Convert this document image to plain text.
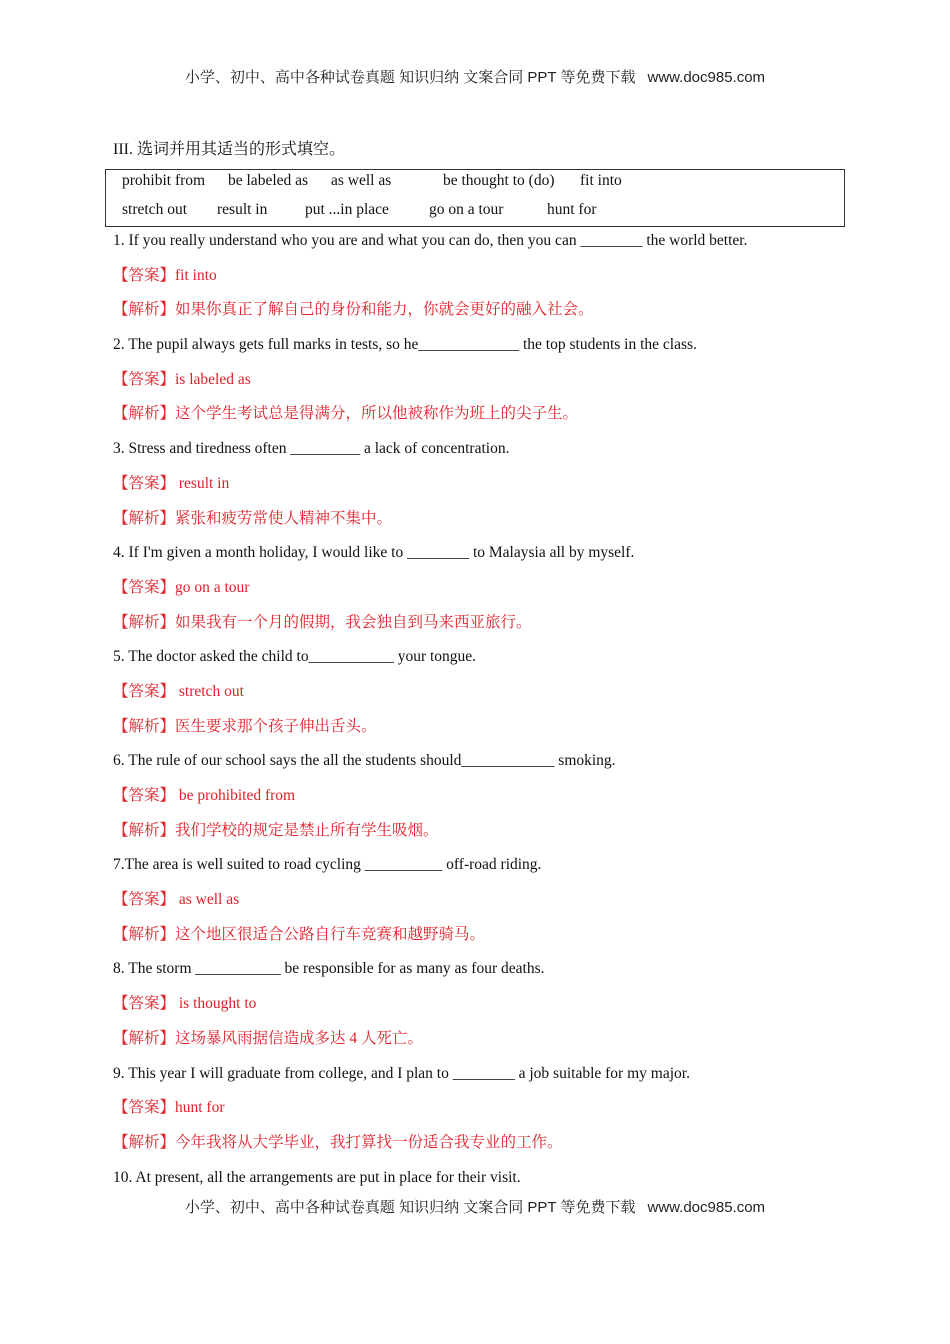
小学、初中、高中各种试卷真题 知识归纳 文案合同 PPT 等免费下载 www.doc985.com
III. 选词并用其适当的形式填空。
prohibit from be labeled as as well as	be thought to (do) fit into
stretch out result in put ...in place	go on a tour	hunt for
1. If you really understand who you are and what you can do, then you can ________ the world better.
【答案】fit into
【解析】如果你真正了解自己的身份和能力，你就会更好的融入社会。
2. The pupil always gets full marks in tests, so he_____________ the top students in the class.
【答案】is labeled as
【解析】这个学生考试总是得满分，所以他被称作为班上的尖子生。
3. Stress and tiredness often _________ a lack of concentration.
【答案】 result in
【解析】紧张和疲劳常使人精神不集中。
4. If I'm given a month holiday, I would like to ________ to Malaysia all by myself.
【答案】go on a tour
【解析】如果我有一个月的假期，我会独自到马来西亚旅行。
5. The doctor asked the child to___________ your tongue.
【答案】 stretch out
【解析】医生要求那个孩子伸出舌头。
6. The rule of our school says the all the students should____________ smoking.
【答案】 be prohibited from
【解析】我们学校的规定是禁止所有学生吸烟。
7.The area is well suited to road cycling __________ off-road riding.
【答案】 as well as
【解析】这个地区很适合公路自行车竞赛和越野骑马。
8. The storm ___________ be responsible for as many as four deaths.
【答案】 is thought to
【解析】这场暴风雨据信造成多达 4 人死亡。
9. This year I will graduate from college, and I plan to ________ a job suitable for my major.
【答案】hunt for
【解析】今年我将从大学毕业，我打算找一份适合我专业的工作。
10. At present, all the arrangements are put in place for their visit.
小学、初中、高中各种试卷真题 知识归纳 文案合同 PPT 等免费下载 www.doc985.com
